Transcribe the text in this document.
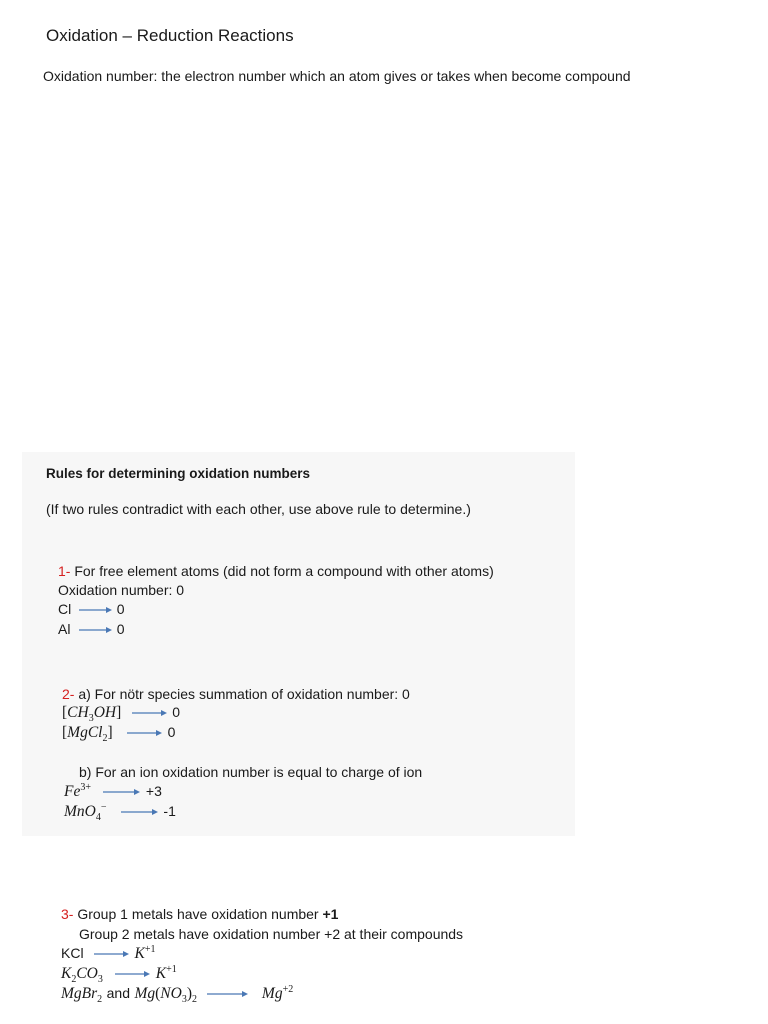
Oxidation – Reduction Reactions
Oxidation number: the electron number which an atom gives or takes when become compound
Rules for determining oxidation numbers
(If two rules contradict with each other, use above rule to determine.)
1- For free element atoms (did not form a compound with other atoms)
Oxidation number: 0
Cl	0
Al	0
2- a) For nötr species summation of oxidation number: 0
$[CH_3OH]$	0
[MgCl$_2$]	0
b) For an ion oxidation number is equal to charge of ion
$Fe^{3+}$	+3
MnO$_4$−	-1
3- Group 1 metals have oxidation number +1
Group 2 metals have oxidation number +2 at their compounds
KCl	$K^{+1}$
$K_2CO_3$	$K^{+1}$
MgBr$_2$ and $Mg(NO_3)_2$	$Mg^{+2}$
